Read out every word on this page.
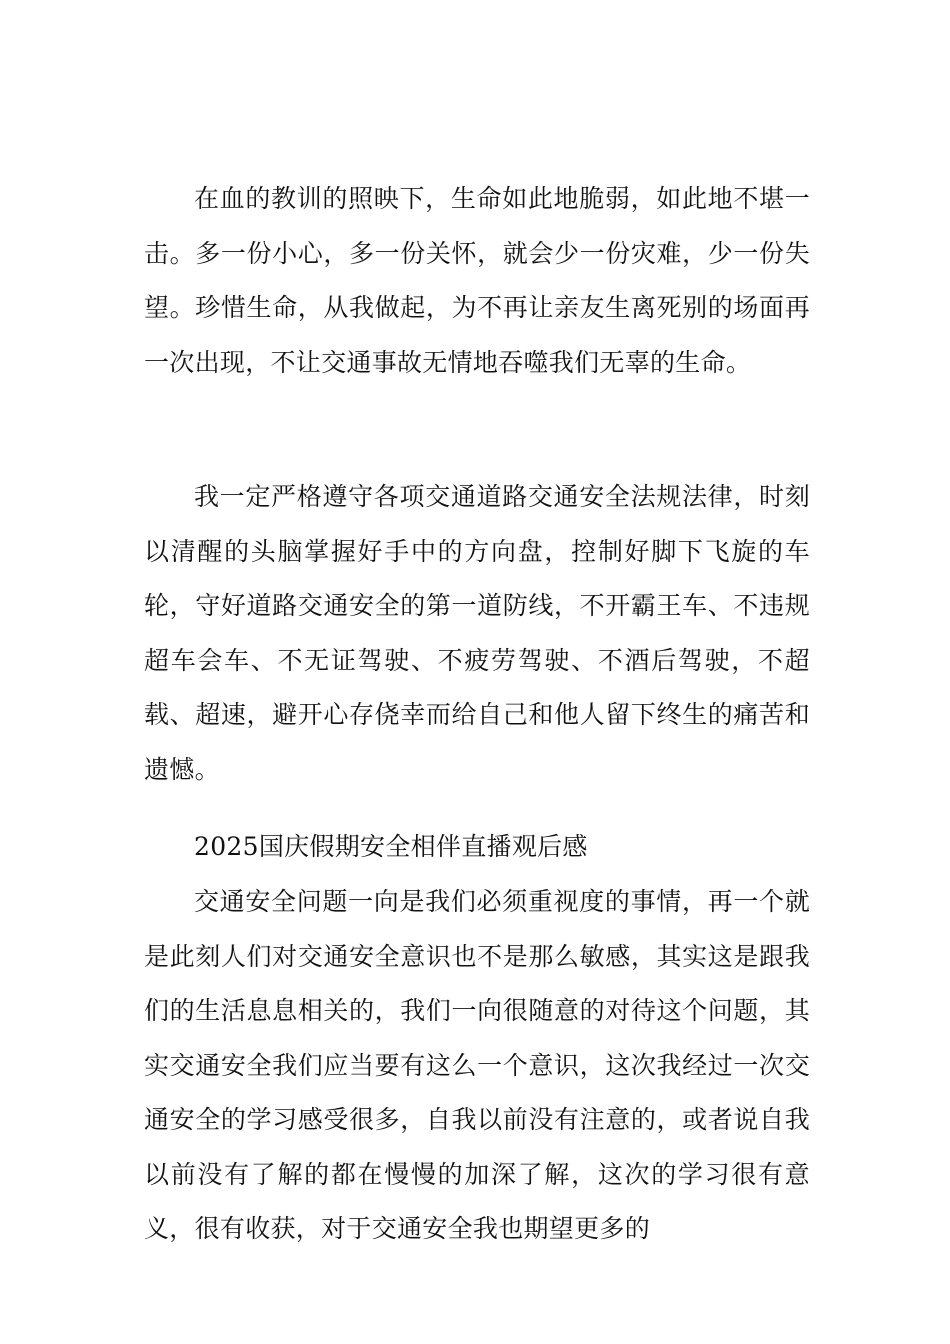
在血的教训的照映下，生命如此地脆弱，如此地不堪一击。多一份小心，多一份关怀，就会少一份灾难，少一份失望。珍惜生命，从我做起，为不再让亲友生离死别的场面再一次出现，不让交通事故无情地吞噬我们无辜的生命。

我一定严格遵守各项交通道路交通安全法规法律，时刻以清醒的头脑掌握好手中的方向盘，控制好脚下飞旋的车轮，守好道路交通安全的第一道防线，不开霸王车、不违规超车会车、不无证驾驶、不疲劳驾驶、不酒后驾驶，不超载、超速，避开心存侥幸而给自己和他人留下终生的痛苦和遗憾。

2025国庆假期安全相伴直播观后感

交通安全问题一向是我们必须重视度的事情，再一个就是此刻人们对交通安全意识也不是那么敏感，其实这是跟我们的生活息息相关的，我们一向很随意的对待这个问题，其实交通安全我们应当要有这么一个意识，这次我经过一次交通安全的学习感受很多，自我以前没有注意的，或者说自我以前没有了解的都在慢慢的加深了解，这次的学习很有意义，很有收获，对于交通安全我也期望更多的
